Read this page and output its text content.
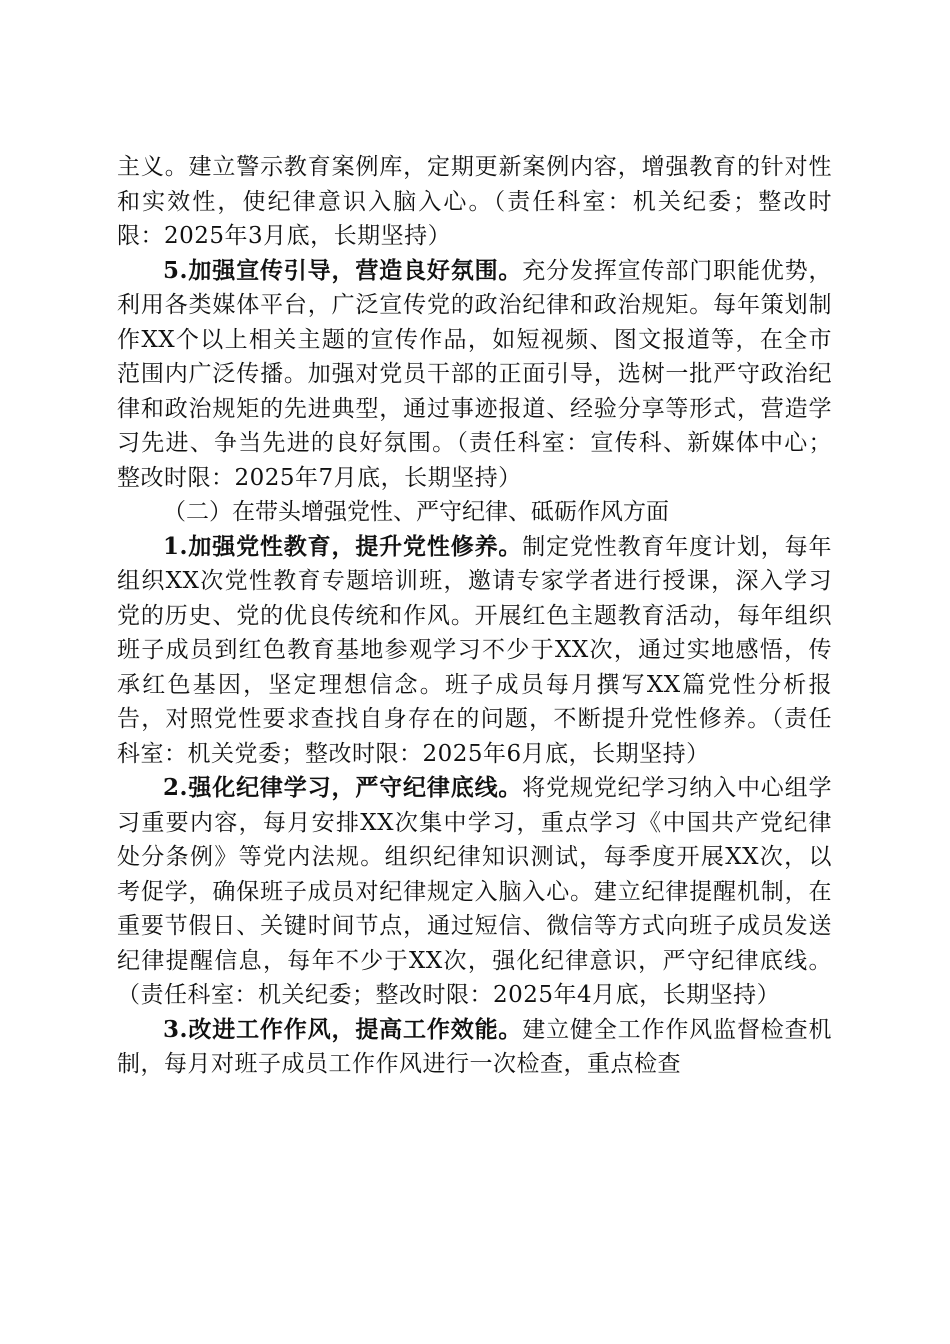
主义。建立警示教育案例库，定期更新案例内容，增强教育的针对性和实效性，使纪律意识入脑入心。（责任科室：机关纪委；整改时限：2025年3月底，长期坚持）

5.加强宣传引导，营造良好氛围。充分发挥宣传部门职能优势，利用各类媒体平台，广泛宣传党的政治纪律和政治规矩。每年策划制作XX个以上相关主题的宣传作品，如短视频、图文报道等，在全市范围内广泛传播。加强对党员干部的正面引导，选树一批严守政治纪律和政治规矩的先进典型，通过事迹报道、经验分享等形式，营造学习先进、争当先进的良好氛围。（责任科室：宣传科、新媒体中心；整改时限：2025年7月底，长期坚持）

（二）在带头增强党性、严守纪律、砥砺作风方面

1.加强党性教育，提升党性修养。制定党性教育年度计划，每年组织XX次党性教育专题培训班，邀请专家学者进行授课，深入学习党的历史、党的优良传统和作风。开展红色主题教育活动，每年组织班子成员到红色教育基地参观学习不少于XX次，通过实地感悟，传承红色基因，坚定理想信念。班子成员每月撰写XX篇党性分析报告，对照党性要求查找自身存在的问题，不断提升党性修养。（责任科室：机关党委；整改时限：2025年6月底，长期坚持）

2.强化纪律学习，严守纪律底线。将党规党纪学习纳入中心组学习重要内容，每月安排XX次集中学习，重点学习《中国共产党纪律处分条例》等党内法规。组织纪律知识测试，每季度开展XX次，以考促学，确保班子成员对纪律规定入脑入心。建立纪律提醒机制，在重要节假日、关键时间节点，通过短信、微信等方式向班子成员发送纪律提醒信息，每年不少于XX次，强化纪律意识，严守纪律底线。（责任科室：机关纪委；整改时限：2025年4月底，长期坚持）

3.改进工作作风，提高工作效能。建立健全工作作风监督检查机制，每月对班子成员工作作风进行一次检查，重点检查
